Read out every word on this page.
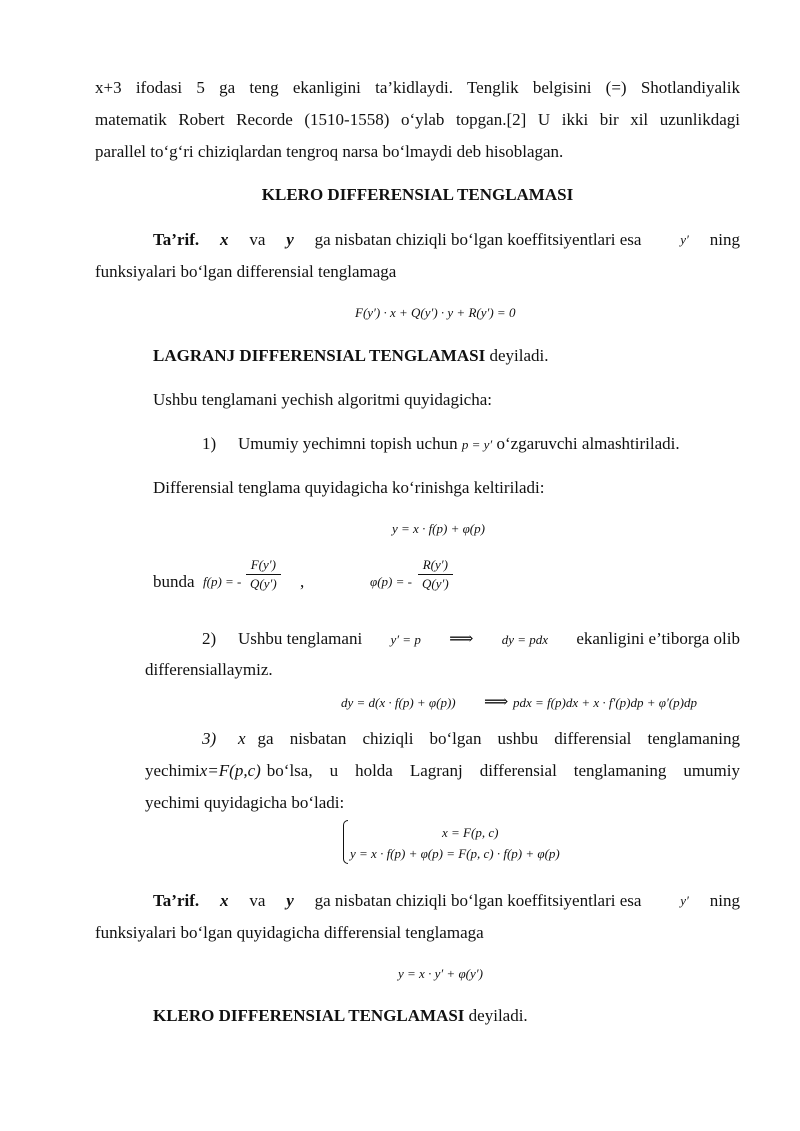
x+3 ifodasi 5 ga teng ekanligini ta’kidlaydi. Tenglik belgisini (=) Shotlandiyalik
matematik Robert Recorde (1510-1558) o‘ylab topgan.[2] U ikki bir xil uzunlikdagi
parallel to‘g‘ri chiziqlardan tengroq narsa bo‘lmaydi deb hisoblagan.
KLERO DIFFERENSIAL TENGLAMASI
Ta’rif. x va y ga nisbatan chiziqli bo‘lgan koeffitsiyentlari esa	y′ ning
funksiyalari bo‘lgan differensial tenglamaga
F(y′) · x + Q(y′) · y + R(y′) = 0
LAGRANJ DIFFERENSIAL TENGLAMASI deyiladi.
Ushbu tenglamani yechish algoritmi quyidagicha:
1) Umumiy yechimni topish uchun p = y′ o‘zgaruvchi almashtiriladi.
Differensial tenglama quyidagicha ko‘rinishga keltiriladi:
y = x · f(p) + φ(p)
bunda f(p) = - $\frac{F(y')}{Q(y')}$ ,	φ(p) = - $\frac{R(y')}{Q(y')}$
2) Ushbu tenglamani y′ = p ⟹ dy = pdx ekanligini e’tiborga olib
differensiallaymiz.
dy = d(x · f(p) + φ(p)) ⟹ pdx = f(p)dx + x · f′(p)dp + φ′(p)dp
3) x ga nisbatan chiziqli bo‘lgan ushbu differensial tenglamaning
yechimi x=F(p,c) bo‘lsa, u holda Lagranj differensial tenglamaning umumiy
yechimi quyidagicha bo‘ladi:
x = F(p, c)
y = x · f(p) + φ(p) = F(p, c) · f(p) + φ(p)
Ta’rif. x va y ga nisbatan chiziqli bo‘lgan koeffitsiyentlari esa	y′ ning
funksiyalari bo‘lgan quyidagicha differensial tenglamaga
y = x · y′ + φ(y′)
KLERO DIFFERENSIAL TENGLAMASI deyiladi.
